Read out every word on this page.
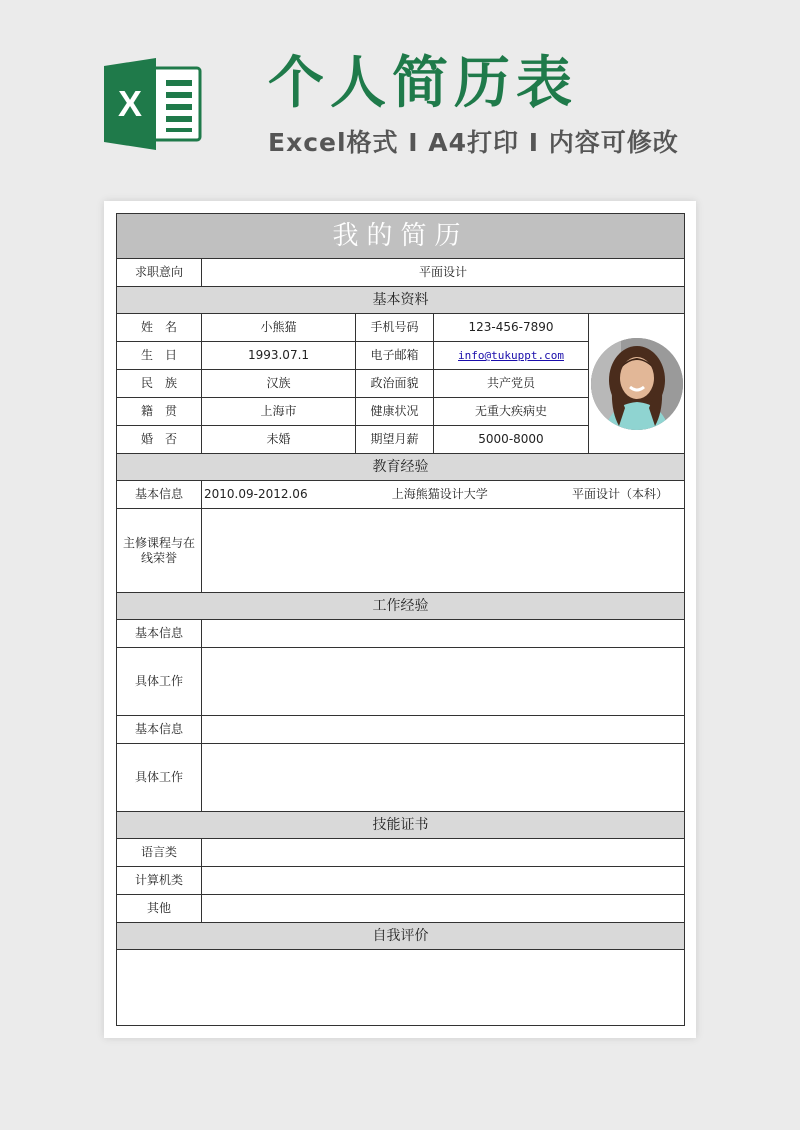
X 个人简历表
Excel格式 I A4打印 I 内容可修改
我的简历				
求职意向	平面设计			
基本资料				
姓　名	小熊猫	手机号码	123-456-7890	

生　日	1993.07.1	电子邮箱	info@tukuppt.com	
民　族	汉族	政治面貌	共产党员	
籍　贯	上海市	健康状况	无重大疾病史	
婚　否	未婚	期望月薪	5000-8000	
教育经验				
基本信息	2010.09-2012.06 上海熊猫设计大学 平面设计（本科）			

主修课程与在线荣誉				
工作经验				
基本信息				
具体工作				
基本信息				
具体工作				
技能证书				
语言类				
计算机类				
其他				
自我评价				
